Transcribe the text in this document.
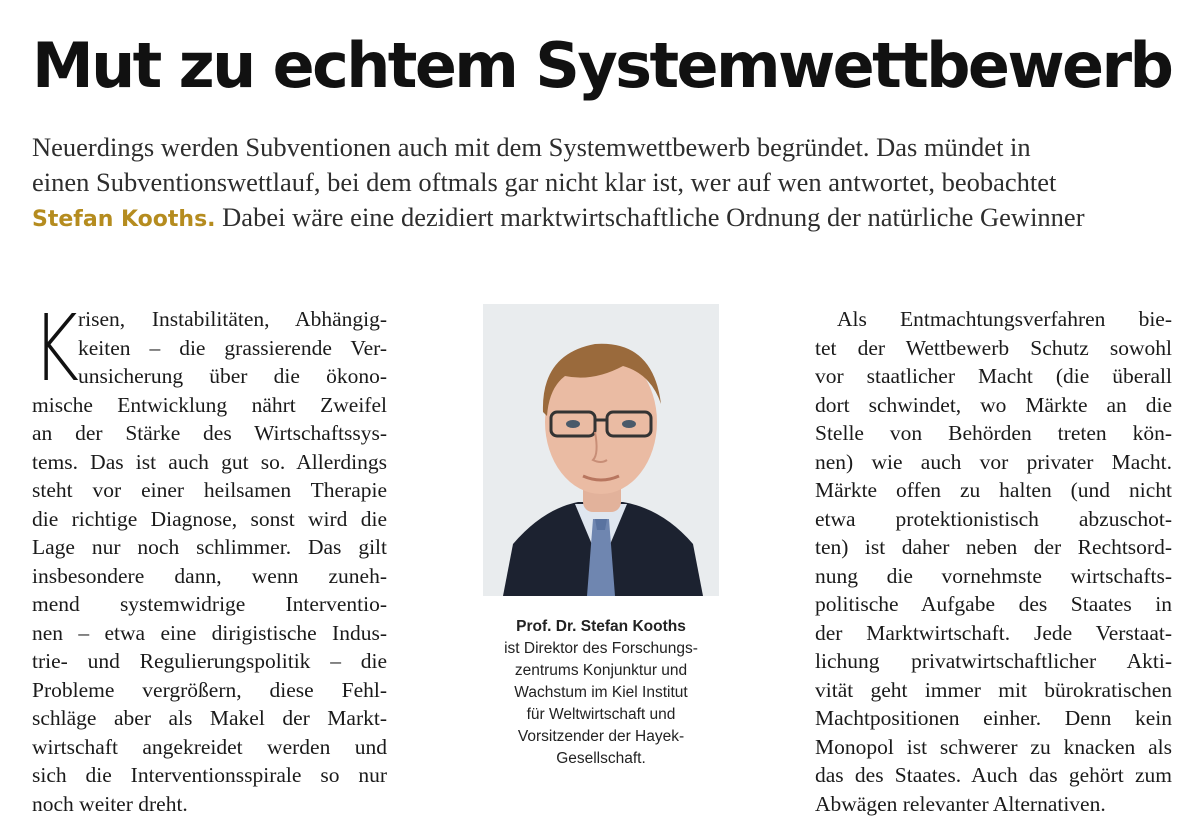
Mut zu echtem Systemwettbewerb

Neuerdings werden Subventionen auch mit dem Systemwettbewerb begründet. Das mündet in
einen Subventionswettlauf, bei dem oftmals gar nicht klar ist, wer auf wen antwortet, beobachtet
Stefan Kooths. Dabei wäre eine dezidiert marktwirtschaftliche Ordnung der natürliche Gewinner

K
risen, Instabilitäten, Abhängig-
keiten – die grassierende Ver-
unsicherung über die ökono-
mische Entwicklung nährt Zweifel
an der Stärke des Wirtschaftssys-
tems. Das ist auch gut so. Allerdings
steht vor einer heilsamen Therapie
die richtige Diagnose, sonst wird die
Lage nur noch schlimmer. Das gilt
insbesondere dann, wenn zuneh-
mend systemwidrige Interventio-
nen – etwa eine dirigistische Indus-
trie- und Regulierungspolitik – die
Probleme vergrößern, diese Fehl-
schläge aber als Makel der Markt-
wirtschaft angekreidet werden und
sich die Interventionsspirale so nur
noch weiter dreht.
Prof. Dr. Stefan Kooths
ist Direktor des Forschungs-
zentrums Konjunktur und
Wachstum im Kiel Institut
für Weltwirtschaft und
Vorsitzender der Hayek-
Gesellschaft.
Als Entmachtungsverfahren bie-
tet der Wettbewerb Schutz sowohl
vor staatlicher Macht (die überall
dort schwindet, wo Märkte an die
Stelle von Behörden treten kön-
nen) wie auch vor privater Macht.
Märkte offen zu halten (und nicht
etwa protektionistisch abzuschot-
ten) ist daher neben der Rechtsord-
nung die vornehmste wirtschafts-
politische Aufgabe des Staates in
der Marktwirtschaft. Jede Verstaat-
lichung privatwirtschaftlicher Akti-
vität geht immer mit bürokratischen
Machtpositionen einher. Denn kein
Monopol ist schwerer zu knacken als
das des Staates. Auch das gehört zum
Abwägen relevanter Alternativen.
